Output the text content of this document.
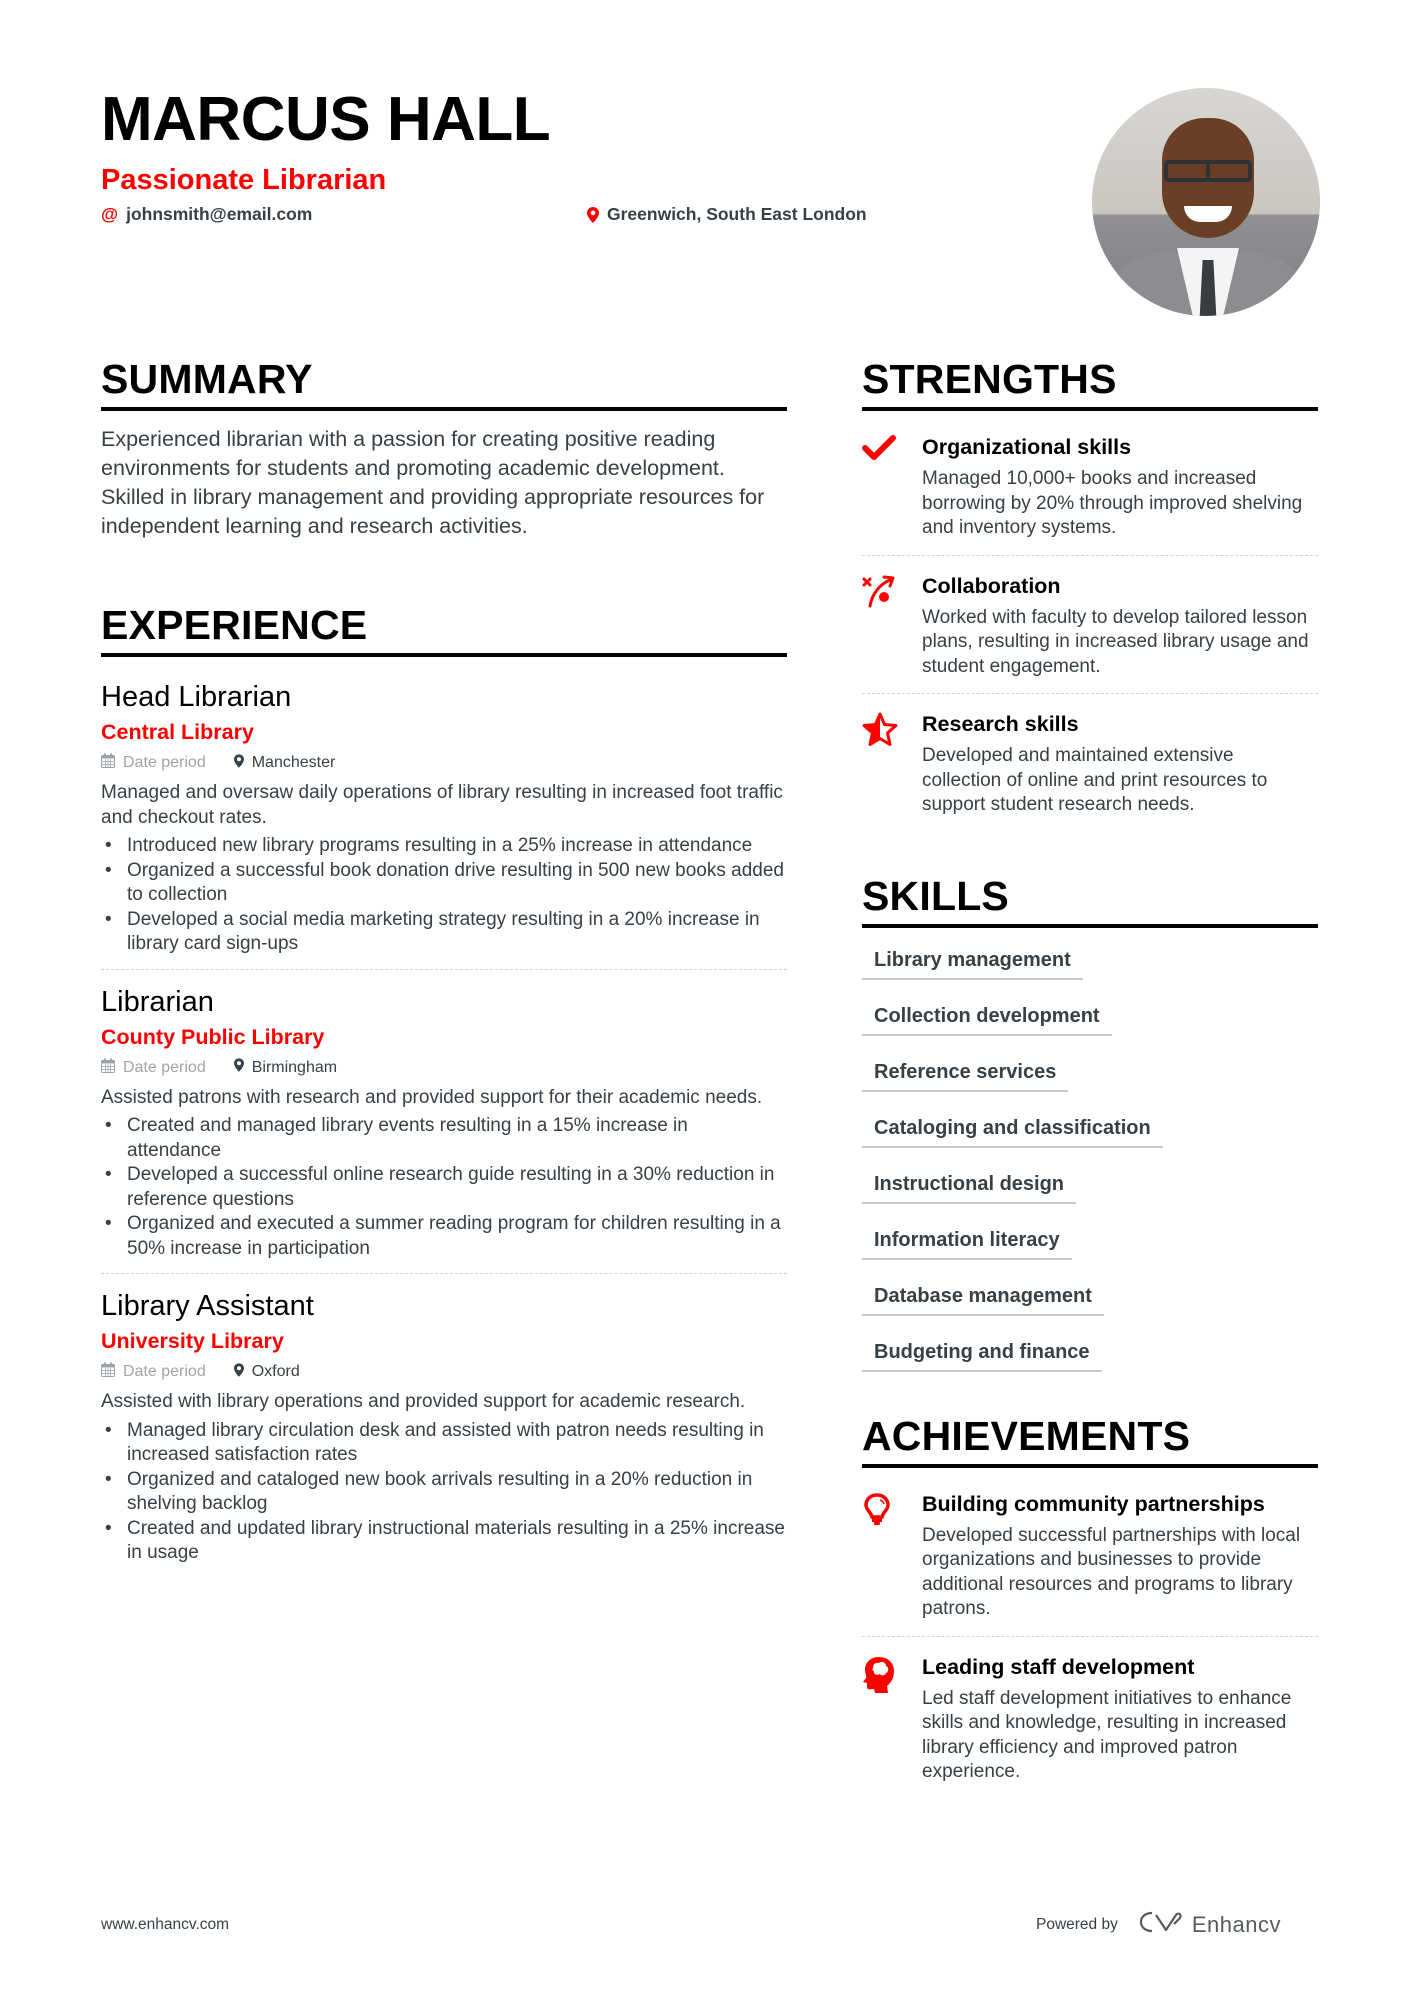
MARCUS HALL
Passionate Librarian
@ johnsmith@email.com	Greenwich, South East London
SUMMARY

Experienced librarian with a passion for creating positive reading environments for students and promoting academic development. Skilled in library management and providing appropriate resources for independent learning and research activities.

EXPERIENCE
Head Librarian
Central Library
Date period	Manchester

Managed and oversaw daily operations of library resulting in increased foot traffic and checkout rates.

• Introduced new library programs resulting in a 25% increase in attendance
• Organized a successful book donation drive resulting in 500 new books added to collection
• Developed a social media marketing strategy resulting in a 20% increase in library card sign-ups
Librarian
County Public Library
Date period	Birmingham

Assisted patrons with research and provided support for their academic needs.

• Created and managed library events resulting in a 15% increase in attendance
• Developed a successful online research guide resulting in a 30% reduction in reference questions
• Organized and executed a summer reading program for children resulting in a 50% increase in participation
Library Assistant
University Library
Date period	Oxford

Assisted with library operations and provided support for academic research.

• Managed library circulation desk and assisted with patron needs resulting in increased satisfaction rates
• Organized and cataloged new book arrivals resulting in a 20% reduction in shelving backlog
• Created and updated library instructional materials resulting in a 25% increase in usage
STRENGTHS
Organizational skills
Managed 10,000+ books and increased borrowing by 20% through improved shelving and inventory systems.
Collaboration
Worked with faculty to develop tailored lesson plans, resulting in increased library usage and student engagement.
Research skills
Developed and maintained extensive collection of online and print resources to support student research needs.
SKILLS
Library management
Collection development
Reference services
Cataloging and classification
Instructional design
Information literacy
Database management
Budgeting and finance
ACHIEVEMENTS
Building community partnerships
Developed successful partnerships with local organizations and businesses to provide additional resources and programs to library patrons.
Leading staff development
Led staff development initiatives to enhance skills and knowledge, resulting in increased library efficiency and improved patron experience.
www.enhancv.com	Powered by	Enhancv
